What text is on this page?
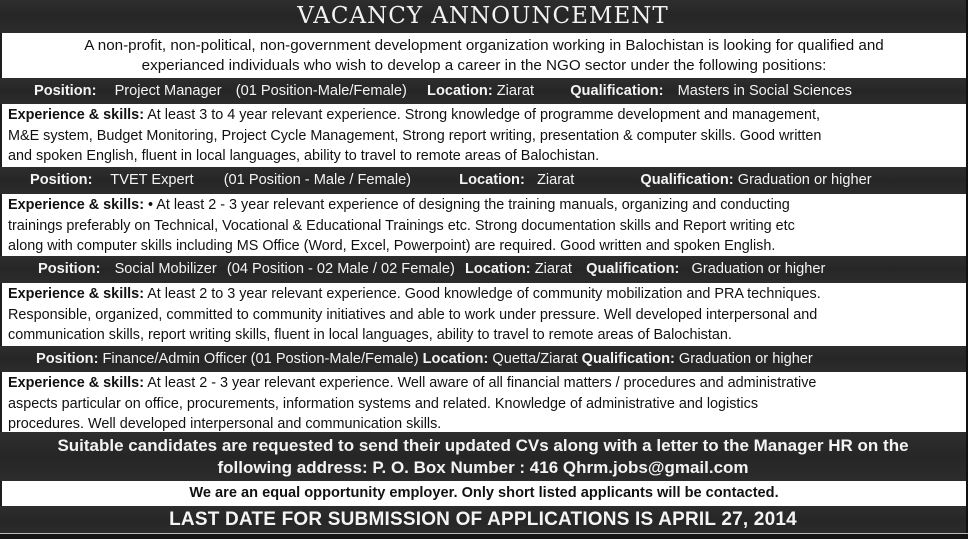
VACANCY ANNOUNCEMENT
A non-profit, non-political, non-government development organization working in Balochistan is looking for qualified and
experianced individuals who wish to develop a career in the NGO sector under the following positions:
Position: Project Manager (01 Position-Male/Female) Location: Ziarat Qualification: Masters in Social Sciences
Experience & skills: At least 3 to 4 year relevant experience. Strong knowledge of programme development and management,
M&E system, Budget Monitoring, Project Cycle Management, Strong report writing, presentation & computer skills. Good written
and spoken English, fluent in local languages, ability to travel to remote areas of Balochistan.
Position: TVET Expert (01 Position - Male / Female)	Location: Ziarat	Qualification: Graduation or higher
Experience & skills: • At least 2 - 3 year relevant experience of designing the training manuals, organizing and conducting
trainings preferably on Technical, Vocational & Educational Trainings etc. Strong documentation skills and Report writing etc
along with computer skills including MS Office (Word, Excel, Powerpoint) are required. Good written and spoken English.
Position: Social Mobilizer (04 Position - 02 Male / 02 Female) Location: Ziarat Qualification: Graduation or higher
Experience & skills: At least 2 to 3 year relevant experience. Good knowledge of community mobilization and PRA techniques.
Responsible, organized, committed to community initiatives and able to work under pressure. Well developed interpersonal and
communication skills, report writing skills, fluent in local languages, ability to travel to remote areas of Balochistan.
Position: Finance/Admin Officer (01 Postion-Male/Female) Location: Quetta/Ziarat Qualification: Graduation or higher
Experience & skills: At least 2 - 3 year relevant experience. Well aware of all financial matters / procedures and administrative
aspects particular on office, procurements, information systems and related. Knowledge of administrative and logistics
procedures. Well developed interpersonal and communication skills.
Suitable candidates are requested to send their updated CVs along with a letter to the Manager HR on the
following address: P. O. Box Number : 416 Qhrm.jobs@gmail.com
We are an equal opportunity employer. Only short listed applicants will be contacted.
LAST DATE FOR SUBMISSION OF APPLICATIONS IS APRIL 27, 2014
